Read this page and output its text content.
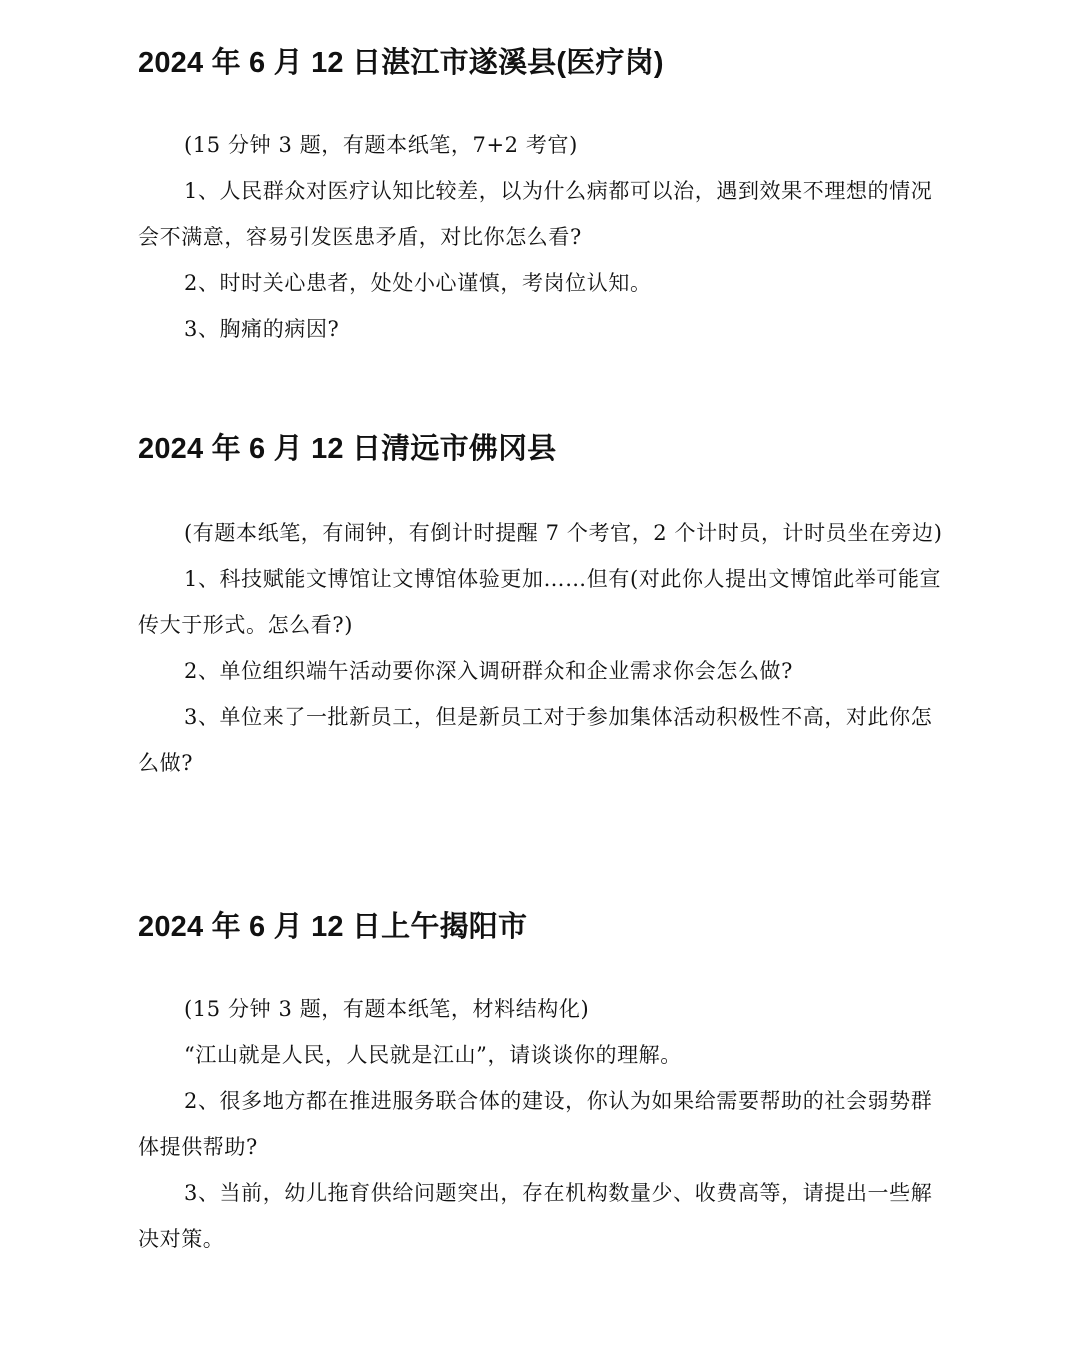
2024 年 6 月 12 日湛江市遂溪县(医疗岗)

(15 分钟 3 题，有题本纸笔，7+2 考官)

1、人民群众对医疗认知比较差，以为什么病都可以治，遇到效果不理想的情况会不满意，容易引发医患矛盾，对比你怎么看?

2、时时关心患者，处处小心谨慎，考岗位认知。

3、胸痛的病因?

2024 年 6 月 12 日清远市佛冈县

(有题本纸笔，有闹钟，有倒计时提醒 7 个考官，2 个计时员，计时员坐在旁边)

1、科技赋能文博馆让文博馆体验更加……但有(对此你人提出文博馆此举可能宣传大于形式。怎么看?)

2、单位组织端午活动要你深入调研群众和企业需求你会怎么做?

3、单位来了一批新员工，但是新员工对于参加集体活动积极性不高，对此你怎么做?

2024 年 6 月 12 日上午揭阳市

(15 分钟 3 题，有题本纸笔，材料结构化)

“江山就是人民，人民就是江山”，请谈谈你的理解。

2、很多地方都在推进服务联合体的建设，你认为如果给需要帮助的社会弱势群体提供帮助?

3、当前，幼儿拖育供给问题突出，存在机构数量少、收费高等，请提出一些解决对策。
